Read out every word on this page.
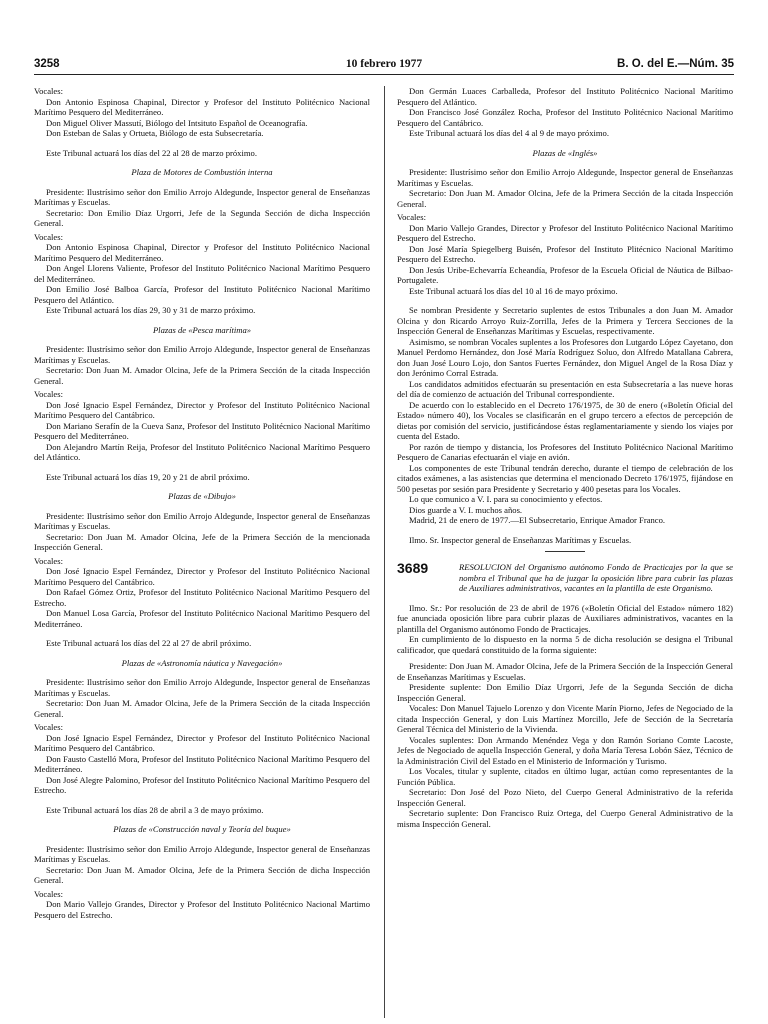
3258	10 febrero 1977	B. O. del E.—Núm. 35

Vocales:

Don Antonio Espinosa Chapinal, Director y Profesor del Instituto Politécnico Nacional Marítimo Pesquero del Mediterráneo.

Don Miguel Oliver Massutí, Biólogo del Intsituto Español de Oceanografía.

Don Esteban de Salas y Ortueta, Biólogo de esta Subsecretaría.

Este Tribunal actuará los días del 22 al 28 de marzo próximo.

Plaza de Motores de Combustión interna

Presidente: Ilustrísimo señor don Emilio Arrojo Aldegunde, Inspector general de Enseñanzas Marítimas y Escuelas.

Secretario: Don Emilio Díaz Urgorri, Jefe de la Segunda Sección de dicha Inspección General.

Vocales:

Don Antonio Espinosa Chapinal, Director y Profesor del Instituto Politécnico Nacional Marítimo Pesquero del Mediterráneo.

Don Angel Llorens Valiente, Profesor del Instituto Politécnico Nacional Marítimo Pesquero del Mediterráneo.

Don Emilio José Balboa García, Profesor del Instituto Politécnico Nacional Marítimo Pesquero del Atlántico.

Este Tribunal actuará los días 29, 30 y 31 de marzo próximo.

Plazas de «Pesca marítima»

Presidente: Ilustrísimo señor don Emilio Arrojo Aldegunde, Inspector general de Enseñanzas Marítimas y Escuelas.

Secretario: Don Juan M. Amador Olcina, Jefe de la Primera Sección de la citada Inspección General.

Vocales:

Don José Ignacio Espel Fernández, Director y Profesor del Instituto Politécnico Nacional Marítimo Pesquero del Cantábrico.

Don Mariano Serafín de la Cueva Sanz, Profesor del Instituto Politécnico Nacional Marítimo Pesquero del Mediterráneo.

Don Alejandro Martín Reija, Profesor del Instituto Politécnico Nacional Marítimo Pesquero del Atlántico.

Este Tribunal actuará los días 19, 20 y 21 de abril próximo.

Plazas de «Dibujo»

Presidente: Ilustrísimo señor don Emilio Arrojo Aldegunde, Inspector general de Enseñanzas Marítimas y Escuelas.

Secretario: Don Juan M. Amador Olcina, Jefe de la Primera Sección de la mencionada Inspección General.

Vocales:

Don José Ignacio Espel Fernández, Director y Profesor del Instituto Politécnico Nacional Marítimo Pesquero del Cantábrico.

Don Rafael Gómez Ortiz, Profesor del Instituto Politécnico Nacional Marítimo Pesquero del Estrecho.

Don Manuel Losa García, Profesor del Instituto Politécnico Nacional Marítimo Pesquero del Mediterráneo.

Este Tribunal actuará los días del 22 al 27 de abril próximo.

Plazas de «Astronomía náutica y Navegación»

Presidente: Ilustrísimo señor don Emilio Arrojo Aldegunde, Inspector general de Enseñanzas Marítimas y Escuelas.

Secretario: Don Juan M. Amador Olcina, Jefe de la Primera Sección de la citada Inspección General.

Vocales:

Don José Ignacio Espel Fernández, Director y Profesor del Instituto Politécnico Nacional Marítimo Pesquero del Cantábrico.

Don Fausto Castelló Mora, Profesor del Instituto Politécnico Nacional Marítimo Pesquero del Mediterráneo.

Don José Alegre Palomino, Profesor del Instituto Politécnico Nacional Marítimo Pesquero del Estrecho.

Este Tribunal actuará los días 28 de abril a 3 de mayo próximo.

Plazas de «Construcción naval y Teoría del buque»

Presidente: Ilustrísimo señor don Emilio Arrojo Aldegunde, Inspector general de Enseñanzas Marítimas y Escuelas.

Secretario: Don Juan M. Amador Olcina, Jefe de la Primera Sección de dicha Inspección General.

Vocales:

Don Mario Vallejo Grandes, Director y Profesor del Instituto Politécnico Nacional Martimo Pesquero del Estrecho.

Don Germán Luaces Carballeda, Profesor del Instituto Politécnico Nacional Marítimo Pesquero del Atlántico.

Don Francisco José González Rocha, Profesor del Instituto Politécnico Nacional Marítimo Pesquero del Cantábrico.

Este Tribunal actuará los días del 4 al 9 de mayo próximo.

Plazas de «Inglés»

Presidente: Ilustrísimo señor don Emilio Arrojo Aldegunde, Inspector general de Enseñanzas Marítimas y Escuelas.

Secretario: Don Juan M. Amador Olcina, Jefe de la Primera Sección de la citada Inspección General.

Vocales:

Don Mario Vallejo Grandes, Director y Profesor del Instituto Politécnico Nacional Marítimo Pesquero del Estrecho.

Don José María Spiegelberg Buisén, Profesor del Instituto Plitécnico Nacional Marítimo Pesquero del Estrecho.

Don Jesús Uribe-Echevarría Echeandía, Profesor de la Escuela Oficial de Náutica de Bilbao-Portugalete.

Este Tribunal actuará los días del 10 al 16 de mayo próximo.

Se nombran Presidente y Secretario suplentes de estos Tribunales a don Juan M. Amador Olcina y don Ricardo Arroyo Ruiz-Zorrilla, Jefes de la Primera y Tercera Secciones de la Inspección General de Enseñanzas Marítimas y Escuelas, respectivamente.

Asimismo, se nombran Vocales suplentes a los Profesores don Lutgardo López Cayetano, don Manuel Perdomo Hernández, don José María Rodríguez Soluo, don Alfredo Matallana Cabrera, don Juan José Louro Lojo, don Santos Fuertes Fernández, don Miguel Angel de la Rosa Díaz y don Jerónimo Corral Estrada.

Los candidatos admitidos efectuarán su presentación en esta Subsecretaría a las nueve horas del día de comienzo de actuación del Tribunal correspondiente.

De acuerdo con lo establecido en el Decreto 176/1975, de 30 de enero («Boletín Oficial del Estado» número 40), los Vocales se clasificarán en el grupo tercero a efectos de percepción de dietas por comisión del servicio, justificándose éstas reglamentariamente y siendo los viajes por cuenta del Estado.

Por razón de tiempo y distancia, los Profesores del Instituto Politécnico Nacional Marítimo Pesquero de Canarias efectuarán el viaje en avión.

Los componentes de este Tribunal tendrán derecho, durante el tiempo de celebración de los citados exámenes, a las asistencias que determina el mencionado Decreto 176/1975, fijándose en 500 pesetas por sesión para Presidente y Secretario y 400 pesetas para los Vocales.

Lo que comunico a V. I. para su conocimiento y efectos.

Dios guarde a V. I. muchos años.

Madrid, 21 de enero de 1977.—El Subsecretario, Enrique Amador Franco.

Ilmo. Sr. Inspector general de Enseñanzas Marítimas y Escuelas.

3689	RESOLUCION del Organismo autónomo Fondo de Practicajes por la que se nombra el Tribunal que ha de juzgar la oposición libre para cubrir las plazas de Auxiliares administrativos, vacantes en la plantilla de este Organismo.

Ilmo. Sr.: Por resolución de 23 de abril de 1976 («Boletín Oficial del Estado» número 182) fue anunciada oposición libre para cubrir plazas de Auxiliares administrativos, vacantes en la plantilla del Organismo autónomo Fondo de Practicajes.

En cumplimiento de lo dispuesto en la norma 5 de dicha resolución se designa el Tribunal calificador, que quedará constituido de la forma siguiente:

Presidente: Don Juan M. Amador Olcina, Jefe de la Primera Sección de la Inspección General de Enseñanzas Marítimas y Escuelas.

Presidente suplente: Don Emilio Díaz Urgorri, Jefe de la Segunda Sección de dicha Inspección General.

Vocales: Don Manuel Tajuelo Lorenzo y don Vicente Marín Piorno, Jefes de Negociado de la citada Inspección General, y don Luis Martínez Morcillo, Jefe de Sección de la Secretaría General Técnica del Ministerio de la Vivienda.

Vocales suplentes: Don Armando Menéndez Vega y don Ramón Soriano Comte Lacoste, Jefes de Negociado de aquella Inspección General, y doña María Teresa Lobón Sáez, Técnico de la Administración Civil del Estado en el Ministerio de Información y Turismo.

Los Vocales, titular y suplente, citados en último lugar, actúan como representantes de la Función Pública.

Secretario: Don José del Pozo Nieto, del Cuerpo General Administrativo de la referida Inspección General.

Secretario suplente: Don Francisco Ruiz Ortega, del Cuerpo General Administrativo de la misma Inspección General.
